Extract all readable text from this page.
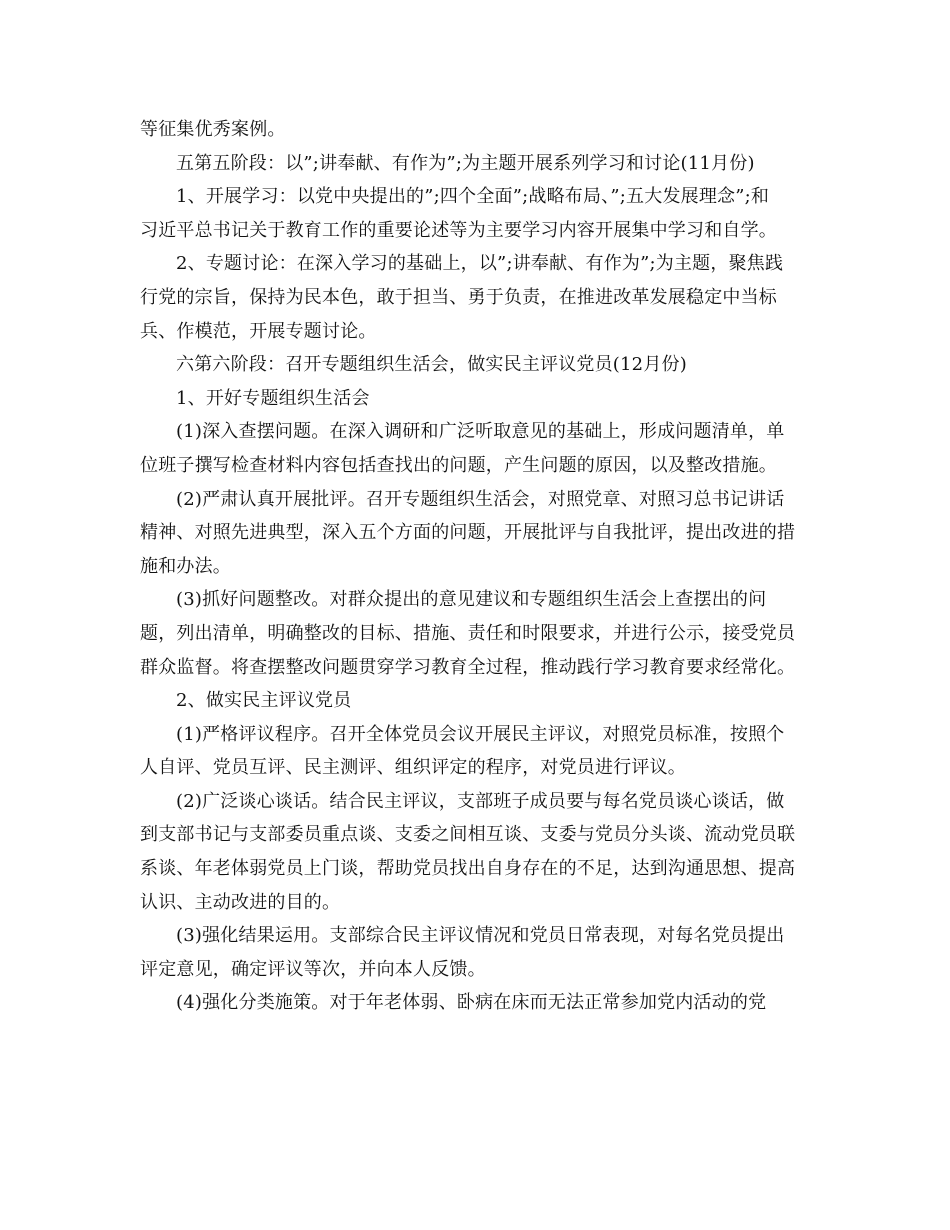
等征集优秀案例。
五第五阶段：以”;讲奉献、有作为”;为主题开展系列学习和讨论(11月份)
1、开展学习：以党中央提出的”;四个全面”;战略布局、”;五大发展理念”;和
习近平总书记关于教育工作的重要论述等为主要学习内容开展集中学习和自学。
2、专题讨论：在深入学习的基础上，以”;讲奉献、有作为”;为主题，聚焦践
行党的宗旨，保持为民本色，敢于担当、勇于负责，在推进改革发展稳定中当标
兵、作模范，开展专题讨论。
六第六阶段：召开专题组织生活会，做实民主评议党员(12月份)
1、开好专题组织生活会
(1)深入查摆问题。在深入调研和广泛听取意见的基础上，形成问题清单，单
位班子撰写检查材料内容包括查找出的问题，产生问题的原因，以及整改措施。
(2)严肃认真开展批评。召开专题组织生活会，对照党章、对照习总书记讲话
精神、对照先进典型，深入五个方面的问题，开展批评与自我批评，提出改进的措
施和办法。
(3)抓好问题整改。对群众提出的意见建议和专题组织生活会上查摆出的问
题，列出清单，明确整改的目标、措施、责任和时限要求，并进行公示，接受党员
群众监督。将查摆整改问题贯穿学习教育全过程，推动践行学习教育要求经常化。
2、做实民主评议党员
(1)严格评议程序。召开全体党员会议开展民主评议，对照党员标准，按照个
人自评、党员互评、民主测评、组织评定的程序，对党员进行评议。
(2)广泛谈心谈话。结合民主评议，支部班子成员要与每名党员谈心谈话，做
到支部书记与支部委员重点谈、支委之间相互谈、支委与党员分头谈、流动党员联
系谈、年老体弱党员上门谈，帮助党员找出自身存在的不足，达到沟通思想、提高
认识、主动改进的目的。
(3)强化结果运用。支部综合民主评议情况和党员日常表现，对每名党员提出
评定意见，确定评议等次，并向本人反馈。
(4)强化分类施策。对于年老体弱、卧病在床而无法正常参加党内活动的党
